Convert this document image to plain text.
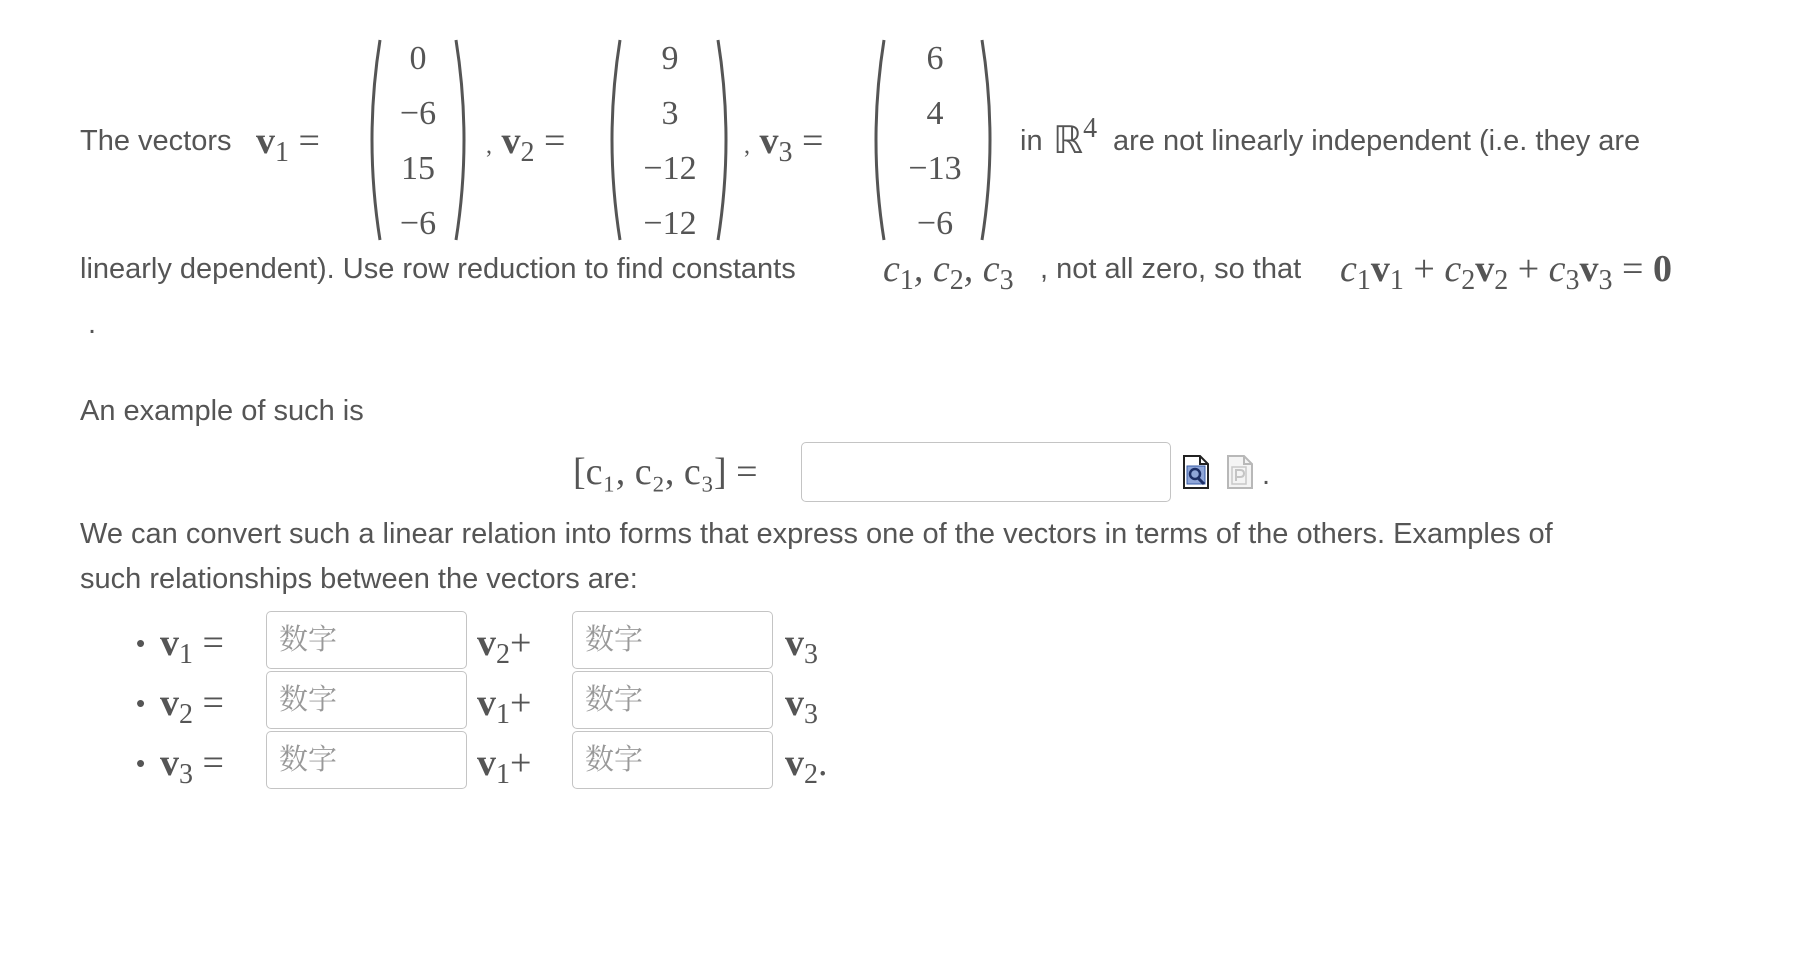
The vectors $v_1$ =
0
−6
15
−6
, $v_2$ =
9
3
−12
−12
, $v_3$ =
6
4
−13
−6
in ℝ$^4$ are not linearly independent (i.e. they are
linearly dependent). Use row reduction to find constants $c_1$, $c_2$, $c_3$ , not all zero, so that $c_1v_1 + c_2v_2 + c_3v_3 = 0$
.
An example of such is
[c₁, c₂, c₃] =	.
We can convert such a linear relation into forms that express one of the vectors in terms of the others. Examples of
such relationships between the vectors are:
• $v_1$ =
数字	$v_2+$
数字	$v_3$
• $v_2$ =
数字	$v_1+$
数字	$v_3$
• $v_3$ =
数字	$v_1+$
数字	$v_2$.
